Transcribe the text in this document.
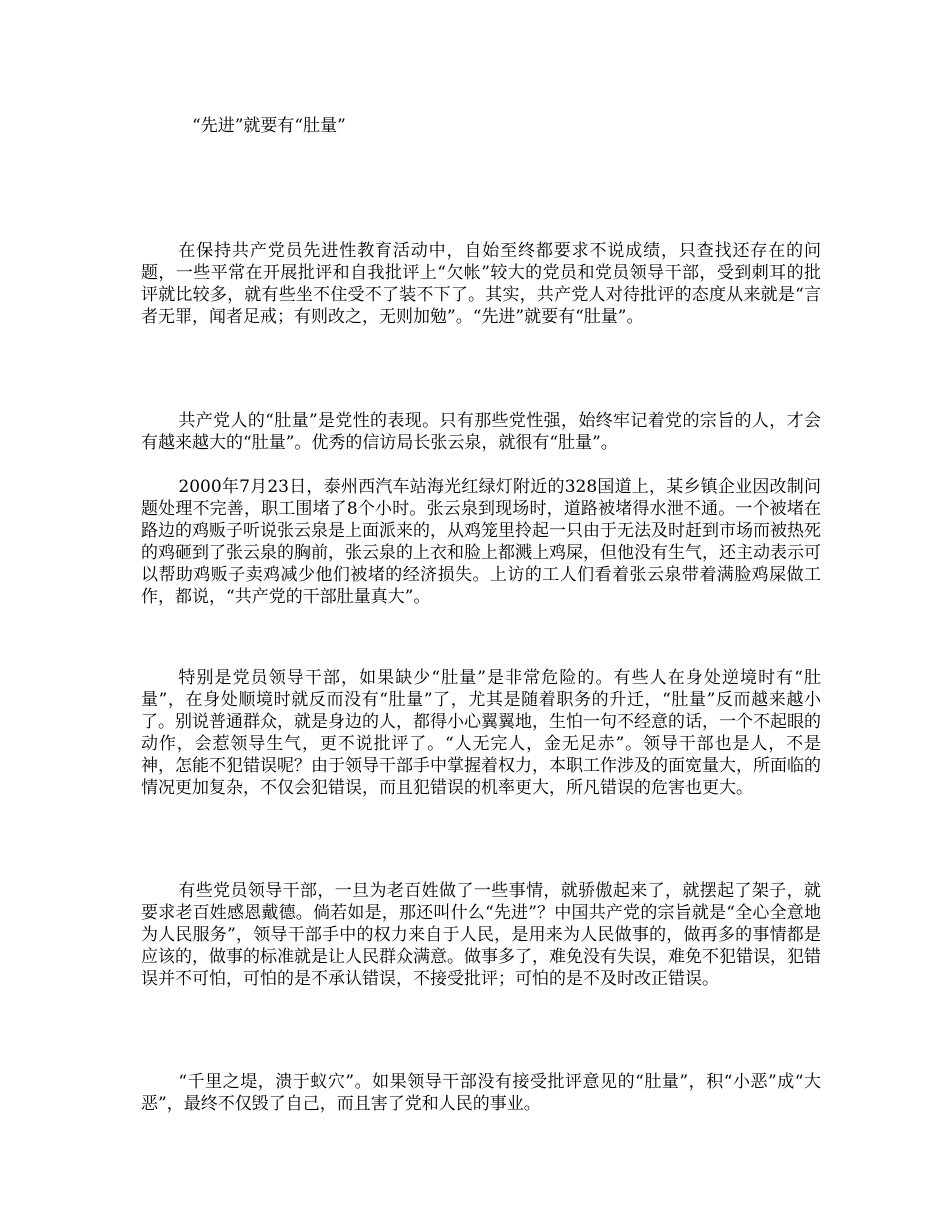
“先进”就要有“肚量”

在保持共产党员先进性教育活动中，自始至终都要求不说成绩，只查找还存在的问题，一些平常在开展批评和自我批评上“欠帐”较大的党员和党员领导干部，受到刺耳的批评就比较多，就有些坐不住受不了装不下了。其实，共产党人对待批评的态度从来就是“言者无罪，闻者足戒；有则改之，无则加勉”。“先进”就要有“肚量”。

共产党人的“肚量”是党性的表现。只有那些党性强，始终牢记着党的宗旨的人，才会有越来越大的“肚量”。优秀的信访局长张云泉，就很有“肚量”。

2000年7月23日，泰州西汽车站海光红绿灯附近的328国道上，某乡镇企业因改制问题处理不完善，职工围堵了8个小时。张云泉到现场时，道路被堵得水泄不通。一个被堵在路边的鸡贩子听说张云泉是上面派来的，从鸡笼里拎起一只由于无法及时赶到市场而被热死的鸡砸到了张云泉的胸前，张云泉的上衣和脸上都溅上鸡屎，但他没有生气，还主动表示可以帮助鸡贩子卖鸡减少他们被堵的经济损失。上访的工人们看着张云泉带着满脸鸡屎做工作，都说，“共产党的干部肚量真大”。

特别是党员领导干部，如果缺少“肚量”是非常危险的。有些人在身处逆境时有“肚量”，在身处顺境时就反而没有“肚量”了，尤其是随着职务的升迁，“肚量”反而越来越小了。别说普通群众，就是身边的人，都得小心翼翼地，生怕一句不经意的话，一个不起眼的动作，会惹领导生气，更不说批评了。“人无完人，金无足赤”。领导干部也是人，不是神，怎能不犯错误呢？由于领导干部手中掌握着权力，本职工作涉及的面宽量大，所面临的情况更加复杂，不仅会犯错误，而且犯错误的机率更大，所凡错误的危害也更大。

有些党员领导干部，一旦为老百姓做了一些事情，就骄傲起来了，就摆起了架子，就要求老百姓感恩戴德。倘若如是，那还叫什么“先进”？中国共产党的宗旨就是“全心全意地为人民服务”，领导干部手中的权力来自于人民，是用来为人民做事的，做再多的事情都是应该的，做事的标准就是让人民群众满意。做事多了，难免没有失误，难免不犯错误，犯错误并不可怕，可怕的是不承认错误，不接受批评；可怕的是不及时改正错误。

“千里之堤，溃于蚁穴”。如果领导干部没有接受批评意见的“肚量”，积“小恶”成“大恶”，最终不仅毁了自己，而且害了党和人民的事业。
